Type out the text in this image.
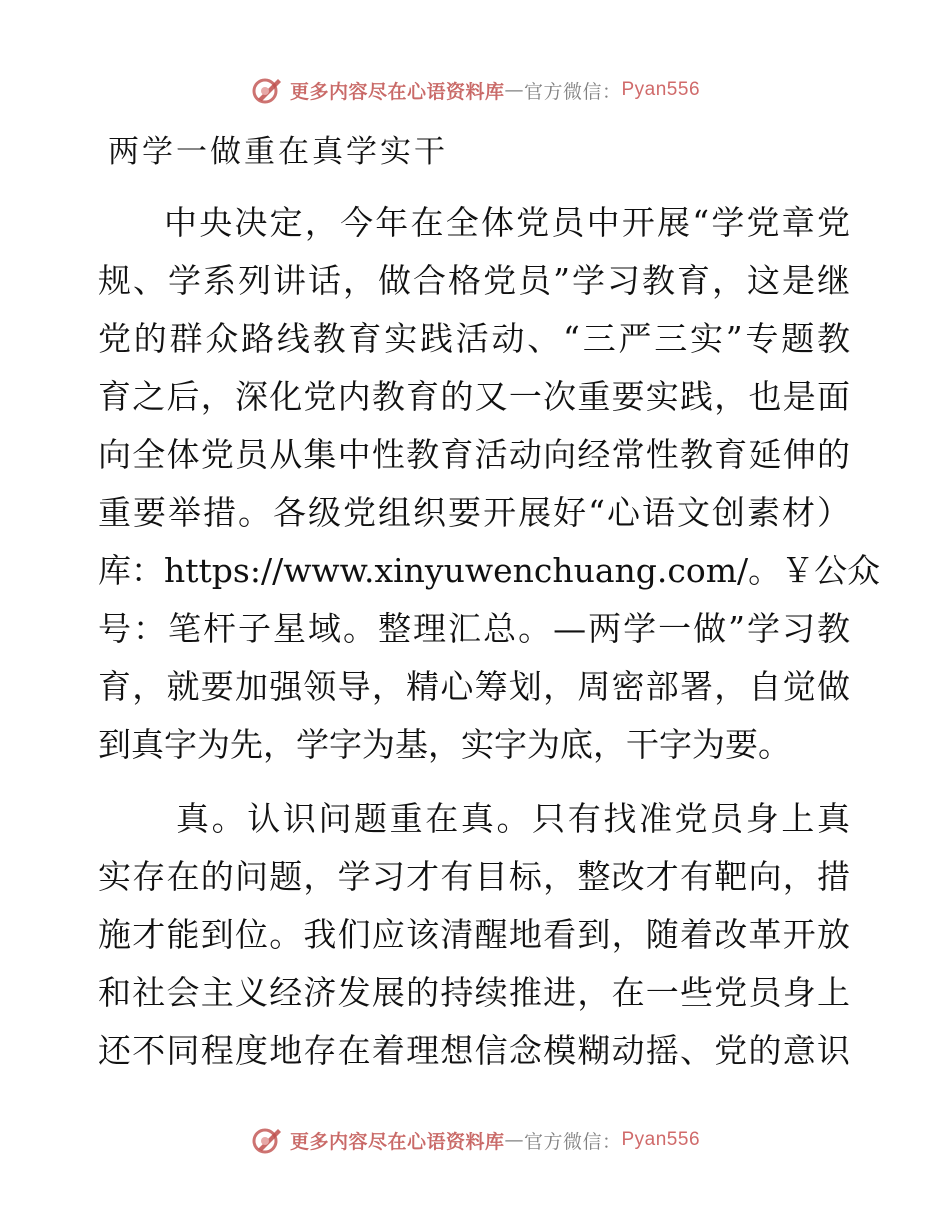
更多内容尽在心语资料库 — 官方微信： Pyan556
两学一做重在真学实干
中央决定，今年在全体党员中开展“学党章党
规、学系列讲话，做合格党员”学习教育，这是继
党的群众路线教育实践活动、“三严三实”专题教
育之后，深化党内教育的又一次重要实践，也是面
向全体党员从集中性教育活动向经常性教育延伸的
重要举措。各级党组织要开展好“心语文创素材）
库：https://www.xinyuwenchuang.com/。￥公众
号：笔杆子星域。整理汇总。—两学一做”学习教
育，就要加强领导，精心筹划，周密部署，自觉做
到真字为先，学字为基，实字为底，干字为要。
真。认识问题重在真。只有找准党员身上真
实存在的问题，学习才有目标，整改才有靶向，措
施才能到位。我们应该清醒地看到，随着改革开放
和社会主义经济发展的持续推进，在一些党员身上
还不同程度地存在着理想信念模糊动摇、党的意识
更多内容尽在心语资料库 — 官方微信： Pyan556
